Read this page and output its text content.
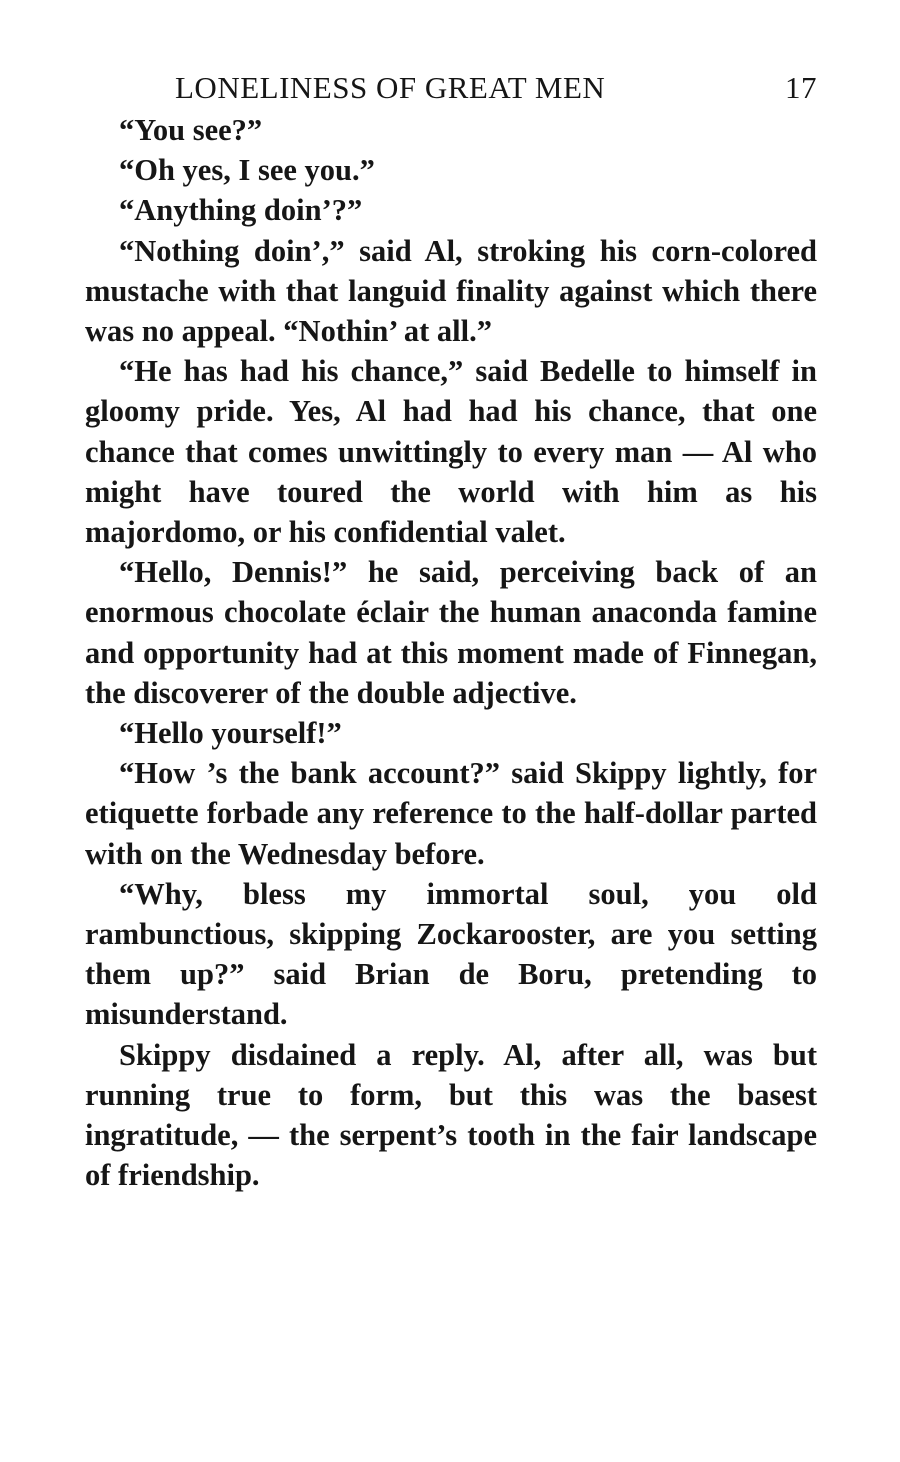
LONELINESS OF GREAT MEN	17

“You see?”

“Oh yes, I see you.”

“Anything doin’?”

“Nothing doin’,” said Al, stroking his corn-colored mustache with that languid finality against which there was no appeal. “Nothin’ at all.”

“He has had his chance,” said Bedelle to himself in gloomy pride. Yes, Al had had his chance, that one chance that comes unwittingly to every man — Al who might have toured the world with him as his majordomo, or his confidential valet.

“Hello, Dennis!” he said, perceiving back of an enormous chocolate éclair the human anaconda famine and opportunity had at this moment made of Finnegan, the discoverer of the double adjective.

“Hello yourself!”

“How ’s the bank account?” said Skippy lightly, for etiquette forbade any reference to the half-dollar parted with on the Wednesday before.

“Why, bless my immortal soul, you old rambunctious, skipping Zockarooster, are you setting them up?” said Brian de Boru, pretending to misunderstand.

Skippy disdained a reply. Al, after all, was but running true to form, but this was the basest ingratitude, — the serpent’s tooth in the fair landscape of friendship.
